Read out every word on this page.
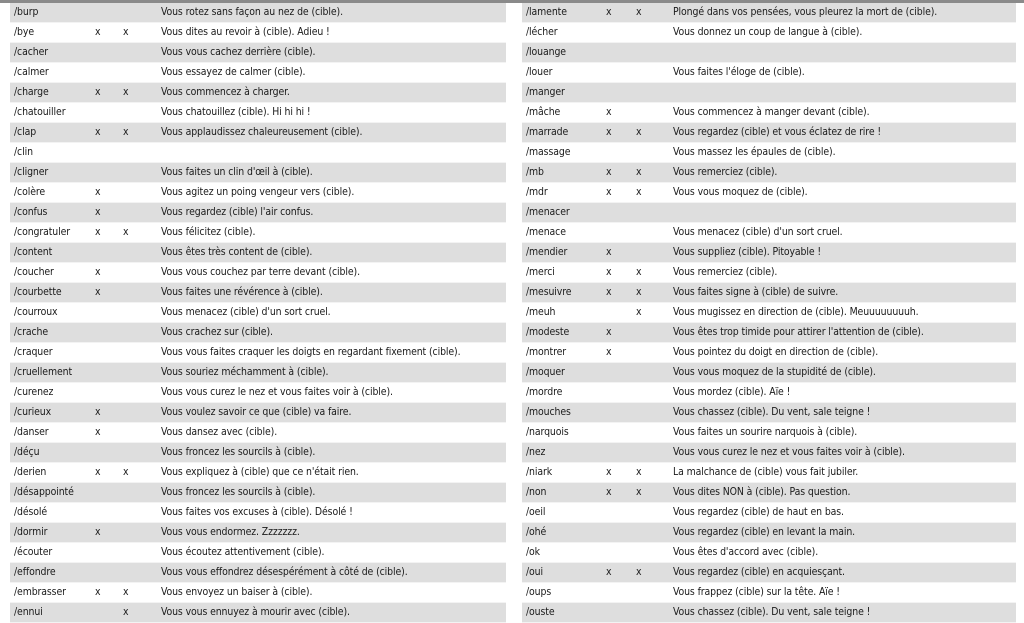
/burp			Vous rotez sans façon au nez de (cible).
/bye	x	x	Vous dites au revoir à (cible). Adieu !
/cacher			Vous vous cachez derrière (cible).
/calmer			Vous essayez de calmer (cible).
/charge	x	x	Vous commencez à charger.
/chatouiller			Vous chatouillez (cible). Hi hi hi !
/clap	x	x	Vous applaudissez chaleureusement (cible).
/clin			
/cligner			Vous faites un clin d'œil à (cible).
/colère	x		Vous agitez un poing vengeur vers (cible).
/confus	x		Vous regardez (cible) l'air confus.
/congratuler	x	x	Vous félicitez (cible).
/content			Vous êtes très content de (cible).
/coucher	x		Vous vous couchez par terre devant (cible).
/courbette	x		Vous faites une révérence à (cible).
/courroux			Vous menacez (cible) d'un sort cruel.
/crache			Vous crachez sur (cible).
/craquer			Vous vous faites craquer les doigts en regardant fixement (cible).
/cruellement			Vous souriez méchamment à (cible).
/curenez			Vous vous curez le nez et vous faites voir à (cible).
/curieux	x		Vous voulez savoir ce que (cible) va faire.
/danser	x		Vous dansez avec (cible).
/déçu			Vous froncez les sourcils à (cible).
/derien	x	x	Vous expliquez à (cible) que ce n'était rien.
/désappointé			Vous froncez les sourcils à (cible).
/désolé			Vous faites vos excuses à (cible). Désolé !
/dormir	x		Vous vous endormez. Zzzzzzz.
/écouter			Vous écoutez attentivement (cible).
/effondre			Vous vous effondrez désespérément à côté de (cible).
/embrasser	x	x	Vous envoyez un baiser à (cible).
/ennui		x	Vous vous ennuyez à mourir avec (cible).
/lamente	x	x	Plongé dans vos pensées, vous pleurez la mort de (cible).
/lécher			Vous donnez un coup de langue à (cible).
/louange			
/louer			Vous faites l'éloge de (cible).
/manger			
/mâche	x		Vous commencez à manger devant (cible).
/marrade	x	x	Vous regardez (cible) et vous éclatez de rire !
/massage			Vous massez les épaules de (cible).
/mb	x	x	Vous remerciez (cible).
/mdr	x	x	Vous vous moquez de (cible).
/menacer			
/menace			Vous menacez (cible) d'un sort cruel.
/mendier	x		Vous suppliez (cible). Pitoyable !
/merci	x	x	Vous remerciez (cible).
/mesuivre	x	x	Vous faites signe à (cible) de suivre.
/meuh		x	Vous mugissez en direction de (cible). Meuuuuuuuuh.
/modeste	x		Vous êtes trop timide pour attirer l'attention de (cible).
/montrer	x		Vous pointez du doigt en direction de (cible).
/moquer			Vous vous moquez de la stupidité de (cible).
/mordre			Vous mordez (cible). Aïe !
/mouches			Vous chassez (cible). Du vent, sale teigne !
/narquois			Vous faites un sourire narquois à (cible).
/nez			Vous vous curez le nez et vous faites voir à (cible).
/niark	x	x	La malchance de (cible) vous fait jubiler.
/non	x	x	Vous dites NON à (cible). Pas question.
/oeil			Vous regardez (cible) de haut en bas.
/ohé			Vous regardez (cible) en levant la main.
/ok			Vous êtes d'accord avec (cible).
/oui	x	x	Vous regardez (cible) en acquiesçant.
/oups			Vous frappez (cible) sur la tête. Aïe !
/ouste			Vous chassez (cible). Du vent, sale teigne !
